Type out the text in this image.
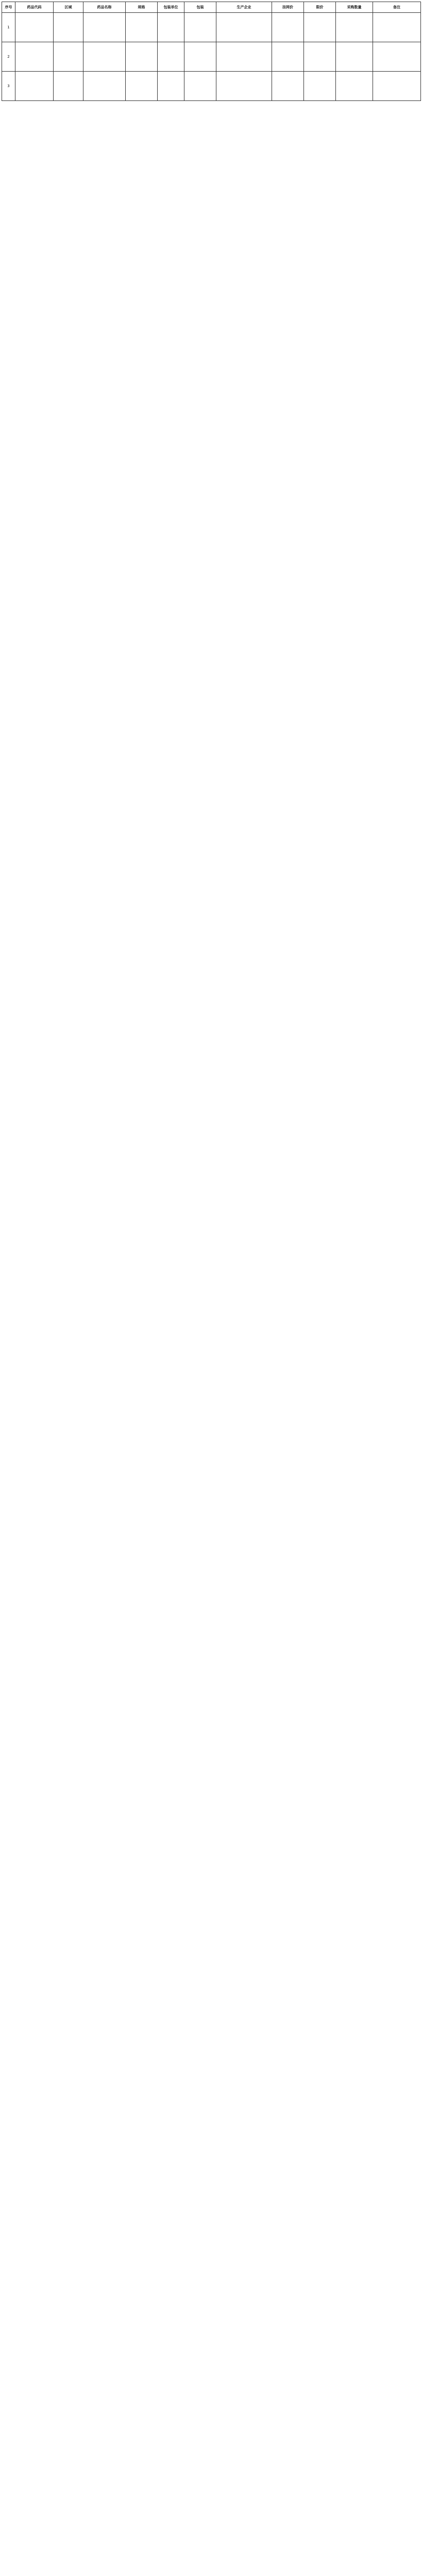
序号	药品代码	区域	药品名称	规格	包装单位	包装	生产企业	挂网价	限价	采购数量	备注
1											
2											
3											
